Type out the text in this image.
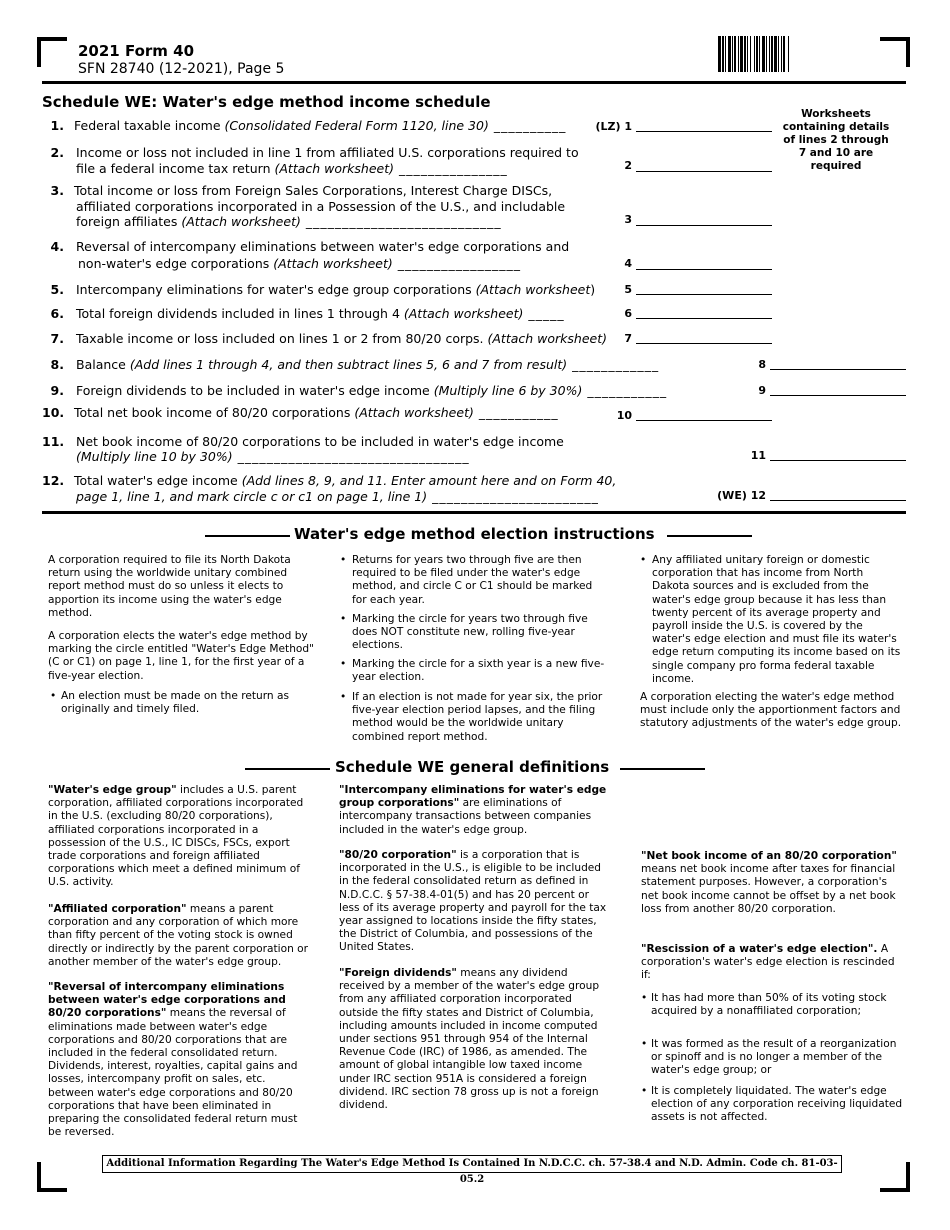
2021 Form 40
SFN 28740 (12-2021), Page 5
Schedule WE: Water's edge method income schedule
Worksheets containing details of lines 2 through 7 and 10 are required
1. Federal taxable income (Consolidated Federal Form 1120, line 30) __________	(LZ) 1
2. Income or loss not included in line 1 from affiliated U.S. corporations required to
file a federal income tax return (Attach worksheet) _______________	2
3. Total income or loss from Foreign Sales Corporations, Interest Charge DISCs,
affiliated corporations incorporated in a Possession of the U.S., and includable
foreign affiliates (Attach worksheet) ___________________________	3
4. Reversal of intercompany eliminations between water's edge corporations and
non-water's edge corporations (Attach worksheet) _________________	4
5. Intercompany eliminations for water's edge group corporations (Attach worksheet)	5
6. Total foreign dividends included in lines 1 through 4 (Attach worksheet) _____	6
7. Taxable income or loss included on lines 1 or 2 from 80/20 corps. (Attach worksheet)	7
8. Balance (Add lines 1 through 4, and then subtract lines 5, 6 and 7 from result) ____________	8
9. Foreign dividends to be included in water's edge income (Multiply line 6 by 30%) ___________	9
10. Total net book income of 80/20 corporations (Attach worksheet) ___________	10
11. Net book income of 80/20 corporations to be included in water's edge income
(Multiply line 10 by 30%) ________________________________	11
12. Total water's edge income (Add lines 8, 9, and 11. Enter amount here and on Form 40,
page 1, line 1, and mark circle c or c1 on page 1, line 1) _______________________	(WE) 12
Water's edge method election instructions
A corporation required to file its North Dakota return using the worldwide unitary combined report method must do so unless it elects to apportion its income using the water's edge method.
A corporation elects the water's edge method by marking the circle entitled "Water's Edge Method" (C or C1) on page 1, line 1, for the first year of a five-year election.
• An election must be made on the return as originally and timely filed.
• Returns for years two through five are then required to be filed under the water's edge method, and circle C or C1 should be marked for each year.
• Marking the circle for years two through five does NOT constitute new, rolling five-year elections.
• Marking the circle for a sixth year is a new five-year election.
• If an election is not made for year six, the prior five-year election period lapses, and the filing method would be the worldwide unitary combined report method.
• Any affiliated unitary foreign or domestic corporation that has income from North Dakota sources and is excluded from the water's edge group because it has less than twenty percent of its average property and payroll inside the U.S. is covered by the water's edge election and must file its water's edge return computing its income based on its single company pro forma federal taxable income.
A corporation electing the water's edge method must include only the apportionment factors and statutory adjustments of the water's edge group.
Schedule WE general definitions
"Water's edge group" includes a U.S. parent corporation, affiliated corporations incorporated in the U.S. (excluding 80/20 corporations), affiliated corporations incorporated in a possession of the U.S., IC DISCs, FSCs, export trade corporations and foreign affiliated corporations which meet a defined minimum of U.S. activity.
"Affiliated corporation" means a parent corporation and any corporation of which more than fifty percent of the voting stock is owned directly or indirectly by the parent corporation or another member of the water's edge group.
"Reversal of intercompany eliminations between water's edge corporations and 80/20 corporations" means the reversal of eliminations made between water's edge corporations and 80/20 corporations that are included in the federal consolidated return. Dividends, interest, royalties, capital gains and losses, intercompany profit on sales, etc. between water's edge corporations and 80/20 corporations that have been eliminated in preparing the consolidated federal return must be reversed.
"Intercompany eliminations for water's edge group corporations" are eliminations of intercompany transactions between companies included in the water's edge group.
"80/20 corporation" is a corporation that is incorporated in the U.S., is eligible to be included in the federal consolidated return as defined in N.D.C.C. § 57-38.4-01(5) and has 20 percent or less of its average property and payroll for the tax year assigned to locations inside the fifty states, the District of Columbia, and possessions of the United States.
"Foreign dividends" means any dividend received by a member of the water's edge group from any affiliated corporation incorporated outside the fifty states and District of Columbia, including amounts included in income computed under sections 951 through 954 of the Internal Revenue Code (IRC) of 1986, as amended. The amount of global intangible low taxed income under IRC section 951A is considered a foreign dividend. IRC section 78 gross up is not a foreign dividend.
"Net book income of an 80/20 corporation" means net book income after taxes for financial statement purposes. However, a corporation's net book income cannot be offset by a net book loss from another 80/20 corporation.
"Rescission of a water's edge election". A corporation's water's edge election is rescinded if:
• It has had more than 50% of its voting stock acquired by a nonaffiliated corporation;
• It was formed as the result of a reorganization or spinoff and is no longer a member of the water's edge group; or
• It is completely liquidated. The water's edge election of any corporation receiving liquidated assets is not affected.
Additional Information Regarding The Water's Edge Method Is Contained In N.D.C.C. ch. 57-38.4 and N.D. Admin. Code ch. 81-03-05.2
